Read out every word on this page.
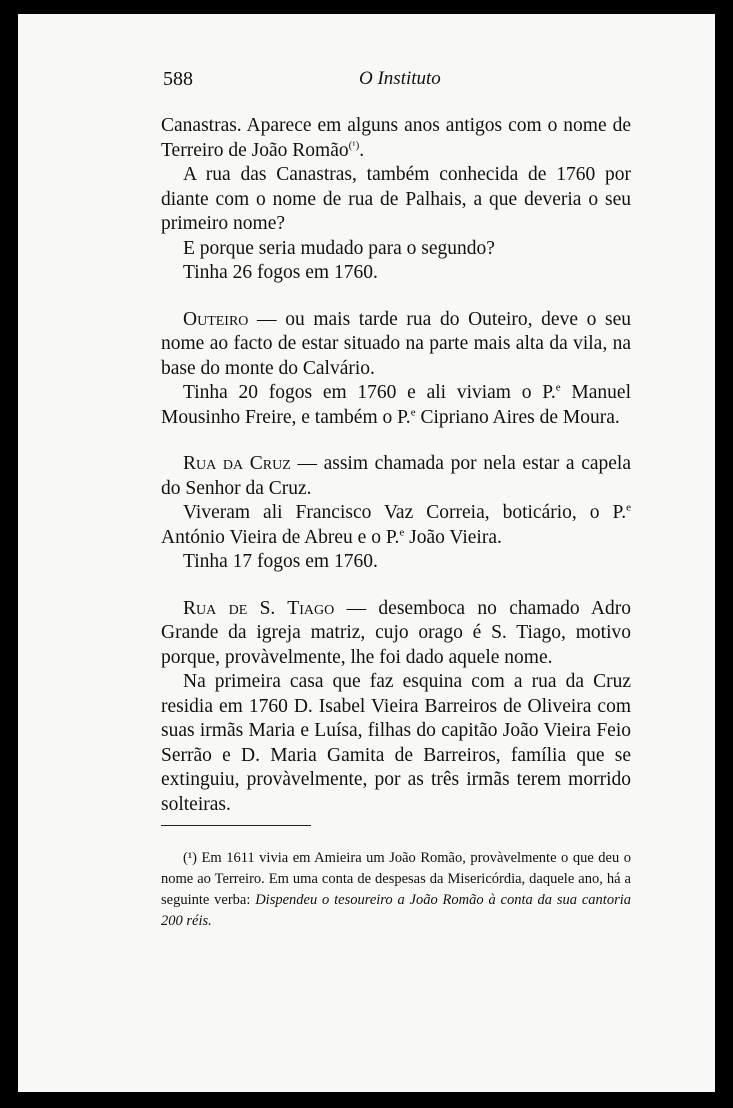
588	O Instituto

Canastras. Aparece em alguns anos antigos com o nome de Terreiro de João Romão$^{(^1)}$.

A rua das Canastras, também conhecida de 1760 por diante com o nome de rua de Palhais, a que deveria o seu primeiro nome?

E porque seria mudado para o segundo?

Tinha 26 fogos em 1760.

Outeiro — ou mais tarde rua do Outeiro, deve o seu nome ao facto de estar situado na parte mais alta da vila, na base do monte do Calvário.

Tinha 20 fogos em 1760 e ali viviam o P.$^e$ Manuel Mousinho Freire, e também o P.$^e$ Cipriano Aires de Moura.

Rua da Cruz — assim chamada por nela estar a capela do Senhor da Cruz.

Viveram ali Francisco Vaz Correia, boticário, o P.$^e$ António Vieira de Abreu e o P.$^e$ João Vieira.

Tinha 17 fogos em 1760.

Rua de S. Tiago — desemboca no chamado Adro Grande da igreja matriz, cujo orago é S. Tiago, motivo porque, provàvelmente, lhe foi dado aquele nome.

Na primeira casa que faz esquina com a rua da Cruz residia em 1760 D. Isabel Vieira Barreiros de Oliveira com suas irmãs Maria e Luísa, filhas do capitão João Vieira Feio Serrão e D. Maria Gamita de Barreiros, família que se extinguiu, provàvelmente, por as três irmãs terem morrido solteiras.

(¹) Em 1611 vivia em Amieira um João Romão, provàvelmente o que deu o nome ao Terreiro. Em uma conta de despesas da Misericórdia, daquele ano, há a seguinte verba: Dispendeu o tesoureiro a João Romão à conta da sua cantoria 200 réis.
